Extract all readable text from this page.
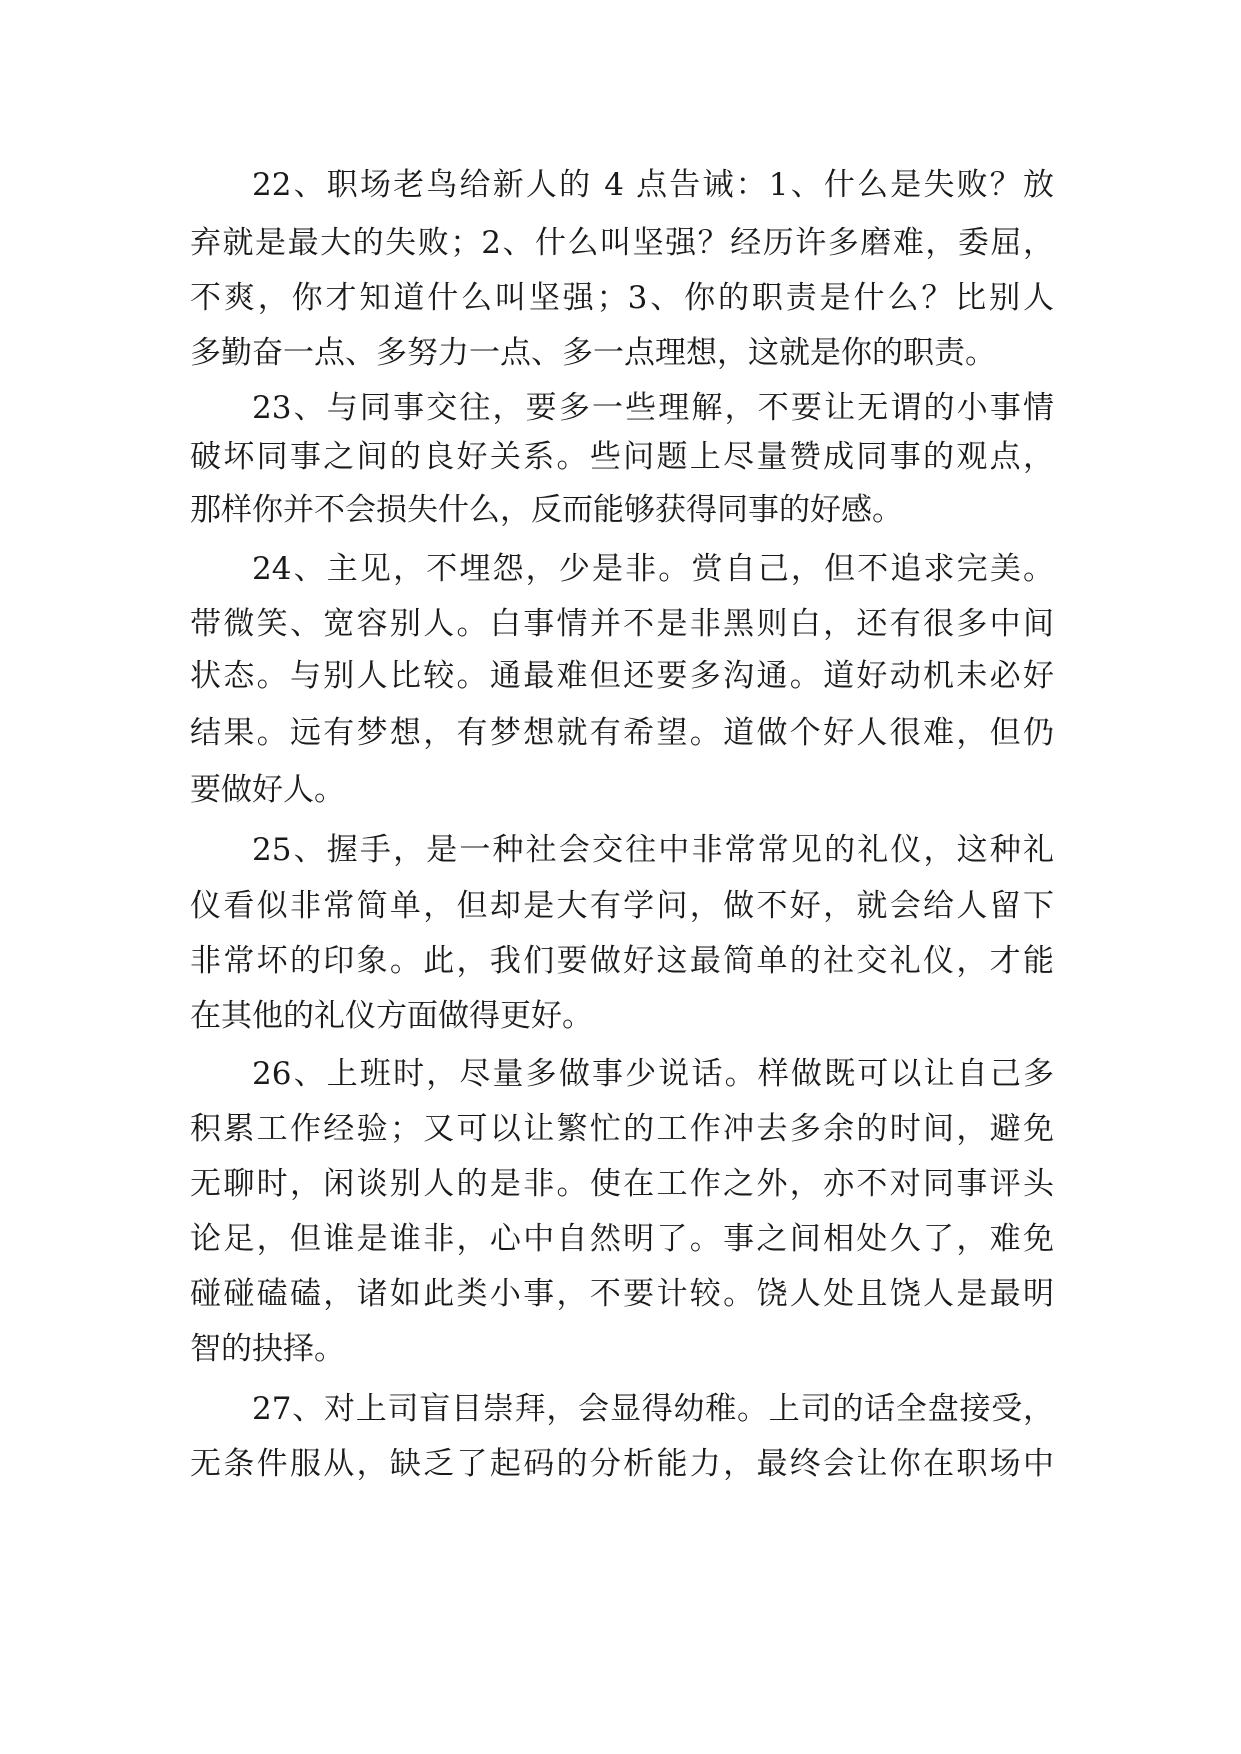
22、职场老鸟给新人的 4 点告诫：1、什么是失败？放
弃就是最大的失败；2、什么叫坚强？经历许多磨难，委屈，
不爽，你才知道什么叫坚强；3、你的职责是什么？比别人
多勤奋一点、多努力一点、多一点理想，这就是你的职责。
23、与同事交往，要多一些理解，不要让无谓的小事情
破坏同事之间的良好关系。些问题上尽量赞成同事的观点，
那样你并不会损失什么，反而能够获得同事的好感。
24、主见，不埋怨，少是非。赏自己，但不追求完美。
带微笑、宽容别人。白事情并不是非黑则白，还有很多中间
状态。与别人比较。通最难但还要多沟通。道好动机未必好
结果。远有梦想，有梦想就有希望。道做个好人很难，但仍
要做好人。
25、握手，是一种社会交往中非常常见的礼仪，这种礼
仪看似非常简单，但却是大有学问，做不好，就会给人留下
非常坏的印象。此，我们要做好这最简单的社交礼仪，才能
在其他的礼仪方面做得更好。
26、上班时，尽量多做事少说话。样做既可以让自己多
积累工作经验；又可以让繁忙的工作冲去多余的时间，避免
无聊时，闲谈别人的是非。使在工作之外，亦不对同事评头
论足，但谁是谁非，心中自然明了。事之间相处久了，难免
碰碰磕磕，诸如此类小事，不要计较。饶人处且饶人是最明
智的抉择。
27、对上司盲目崇拜，会显得幼稚。上司的话全盘接受，
无条件服从，缺乏了起码的分析能力，最终会让你在职场中
